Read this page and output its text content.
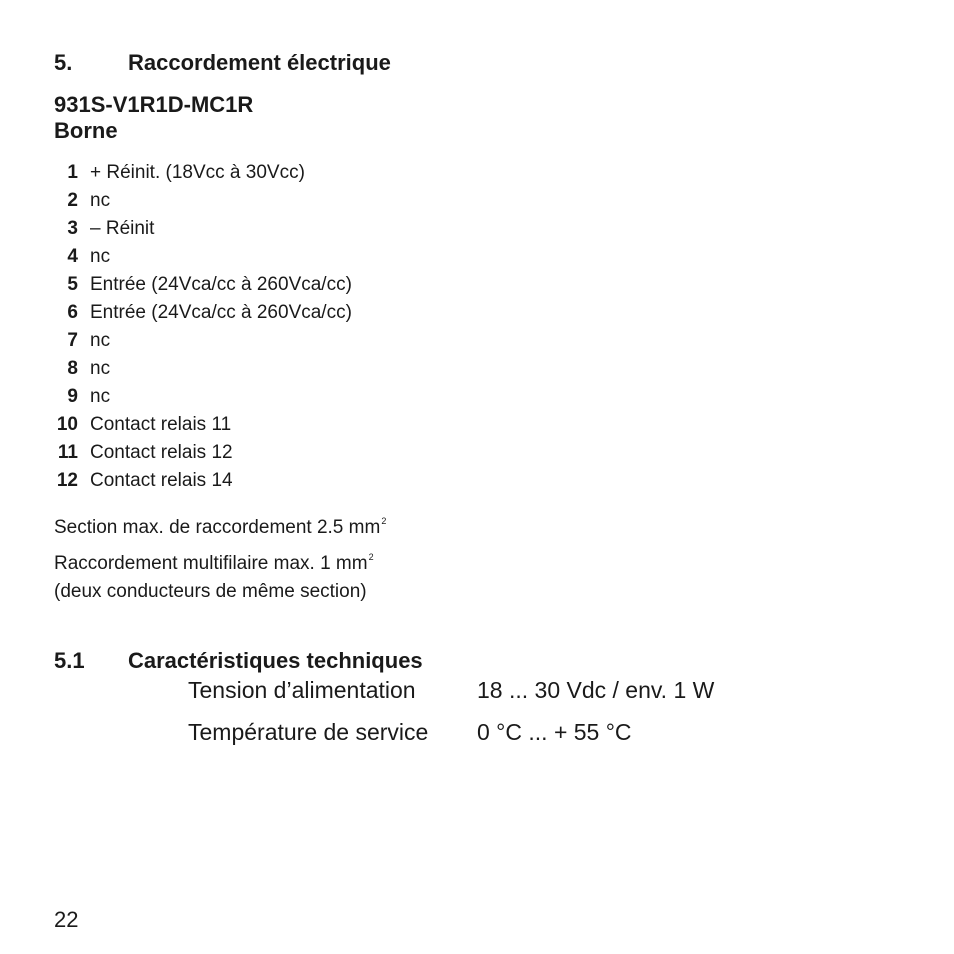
5.	Raccordement électrique
931S-V1R1D-MC1R
Borne
1 + Réinit. (18Vcc à 30Vcc)
2 nc
3 – Réinit
4 nc
5 Entrée (24Vca/cc à 260Vca/cc)
6 Entrée (24Vca/cc à 260Vca/cc)
7 nc
8 nc
9 nc
10 Contact relais 11
11 Contact relais 12
12 Contact relais 14
Section max. de raccordement 2.5 $mm^2$
Raccordement multifilaire max. 1 $mm^2$
(deux conducteurs de même section)
5.1 Caractéristiques techniques
Tension d’alimentation	18 ... 30 Vdc / env. 1 W
Température de service	0 °C ... + 55 °C
22
